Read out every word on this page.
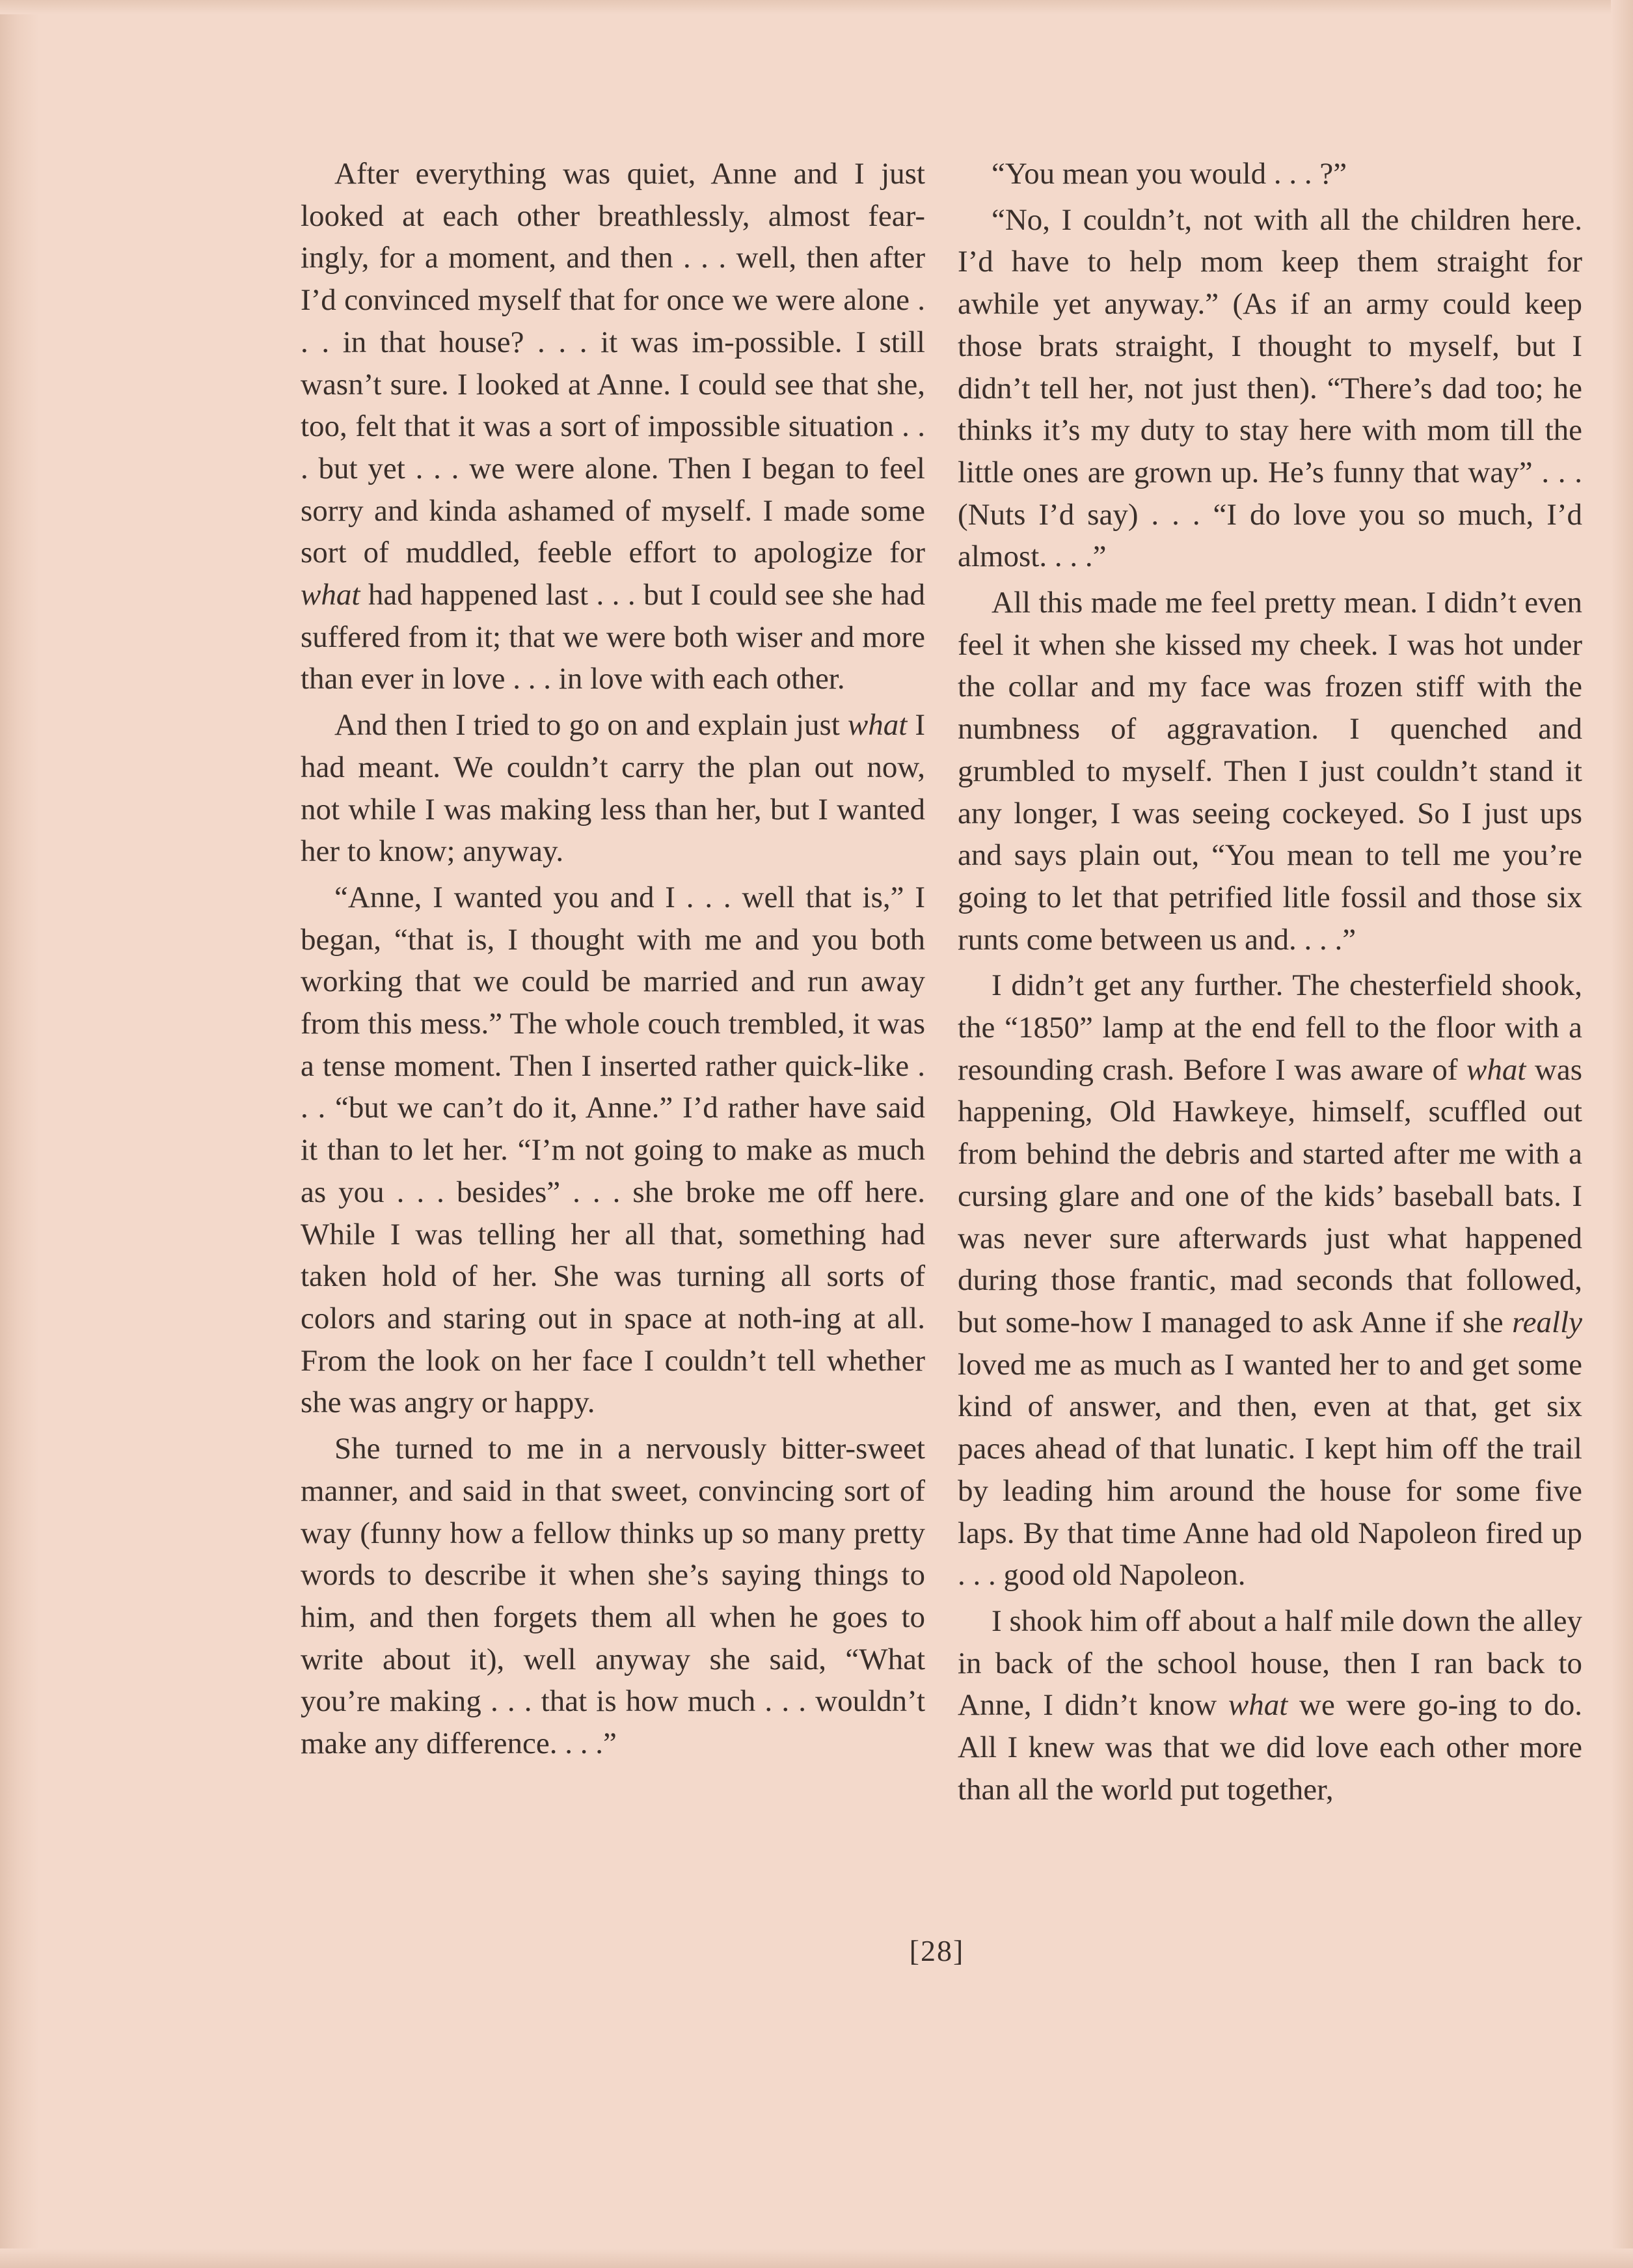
After everything was quiet, Anne and I just looked at each other breathlessly, almost fear-ingly, for a moment, and then . . . well, then after I’d convinced myself that for once we were alone . . . in that house? . . . it was im-possible. I still wasn’t sure. I looked at Anne. I could see that she, too, felt that it was a sort of impossible situation . . . but yet . . . we were alone. Then I began to feel sorry and kinda ashamed of myself. I made some sort of muddled, feeble effort to apologize for what had happened last . . . but I could see she had suffered from it; that we were both wiser and more than ever in love . . . in love with each other.

And then I tried to go on and explain just what I had meant. We couldn’t carry the plan out now, not while I was making less than her, but I wanted her to know; anyway.

“Anne, I wanted you and I . . . well that is,” I began, “that is, I thought with me and you both working that we could be married and run away from this mess.” The whole couch trembled, it was a tense moment. Then I inserted rather quick-like . . . “but we can’t do it, Anne.” I’d rather have said it than to let her. “I’m not going to make as much as you . . . besides” . . . she broke me off here. While I was telling her all that, something had taken hold of her. She was turning all sorts of colors and staring out in space at noth-ing at all. From the look on her face I couldn’t tell whether she was angry or happy.

She turned to me in a nervously bitter-sweet manner, and said in that sweet, convincing sort of way (funny how a fellow thinks up so many pretty words to describe it when she’s saying things to him, and then forgets them all when he goes to write about it), well anyway she said, “What you’re making . . . that is how much . . . wouldn’t make any difference. . . .”

“You mean you would . . . ?”

“No, I couldn’t, not with all the children here. I’d have to help mom keep them straight for awhile yet anyway.” (As if an army could keep those brats straight, I thought to myself, but I didn’t tell her, not just then). “There’s dad too; he thinks it’s my duty to stay here with mom till the little ones are grown up. He’s funny that way” . . . (Nuts I’d say) . . . “I do love you so much, I’d almost. . . .”

All this made me feel pretty mean. I didn’t even feel it when she kissed my cheek. I was hot under the collar and my face was frozen stiff with the numbness of aggravation. I quenched and grumbled to myself. Then I just couldn’t stand it any longer, I was seeing cockeyed. So I just ups and says plain out, “You mean to tell me you’re going to let that petrified litle fossil and those six runts come between us and. . . .”

I didn’t get any further. The chesterfield shook, the “1850” lamp at the end fell to the floor with a resounding crash. Before I was aware of what was happening, Old Hawkeye, himself, scuffled out from behind the debris and started after me with a cursing glare and one of the kids’ baseball bats. I was never sure afterwards just what happened during those frantic, mad seconds that followed, but some-how I managed to ask Anne if she really loved me as much as I wanted her to and get some kind of answer, and then, even at that, get six paces ahead of that lunatic. I kept him off the trail by leading him around the house for some five laps. By that time Anne had old Napoleon fired up . . . good old Napoleon.

I shook him off about a half mile down the alley in back of the school house, then I ran back to Anne, I didn’t know what we were go-ing to do. All I knew was that we did love each other more than all the world put together,

[28]
